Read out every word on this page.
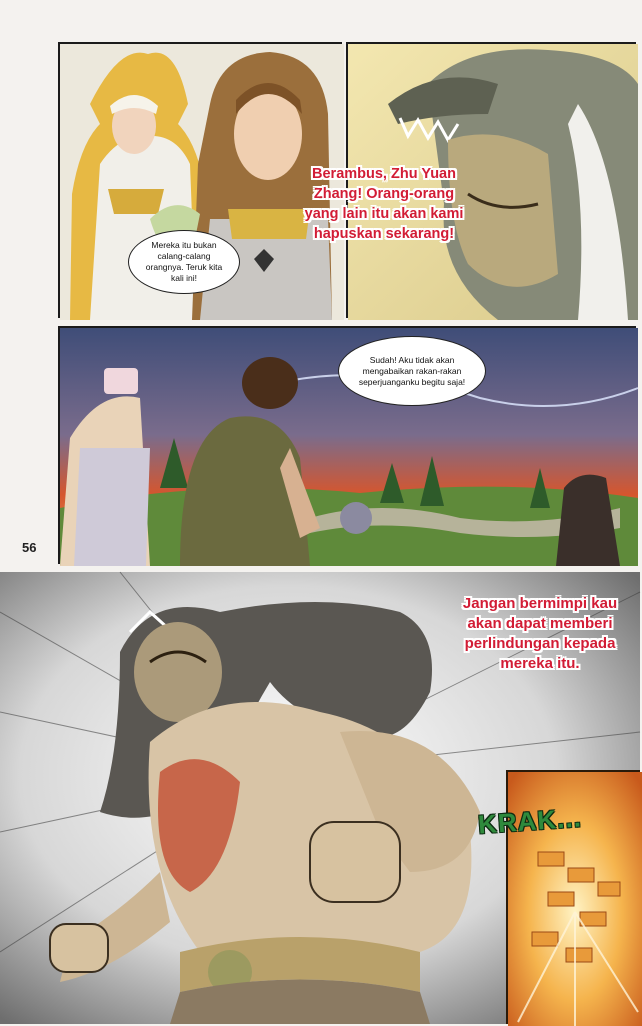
Mereka itu bukan calang-calang orangnya. Teruk kita kali ini!
Berambus, Zhu Yuan Zhang! Orang-orang yang lain itu akan kami hapuskan sekarang!
Sudah! Aku tidak akan mengabaikan rakan-rakan seperjuanganku begitu saja!
56
Jangan bermimpi kau akan dapat memberi perlindungan kepada mereka itu.
KRAK...
